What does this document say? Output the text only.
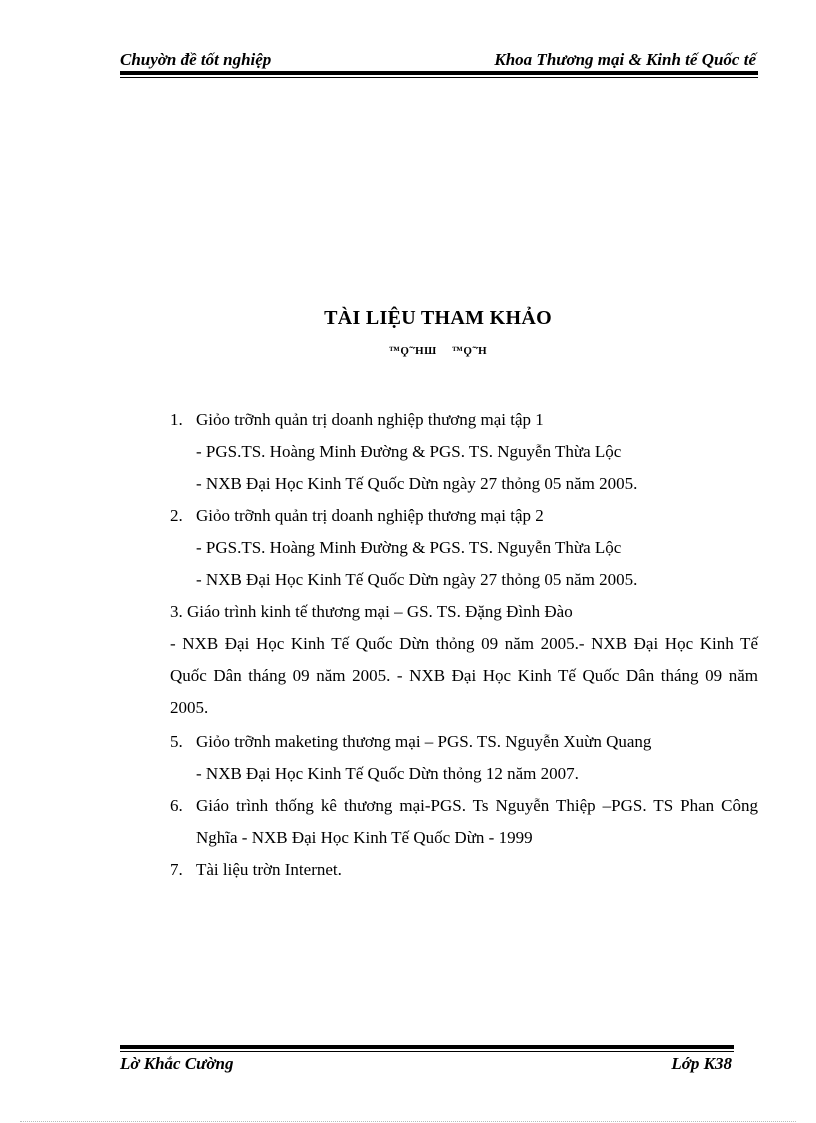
Chuyờn đề tốt nghiệp	Khoa Thương mại & Kinh tế Quốc tế
TÀI LIỆU THAM KHẢO
™Ϙ˜ΉШ ™Ϙ˜Ή
1. Giỏo trỡnh quản trị doanh nghiệp thương mại tập 1
- PGS.TS. Hoàng Minh Đường & PGS. TS. Nguyễn Thừa Lộc
- NXB Đại Học Kinh Tế Quốc Dừn ngày 27 thỏng 05 năm 2005.
2. Giỏo trỡnh quản trị doanh nghiệp thương mại tập 2
- PGS.TS. Hoàng Minh Đường & PGS. TS. Nguyễn Thừa Lộc
- NXB Đại Học Kinh Tế Quốc Dừn ngày 27 thỏng 05 năm 2005.
3. Giáo trình kinh tế thương mại – GS. TS. Đặng Đình Đào
- NXB Đại Học Kinh Tế Quốc Dừn thỏng 09 năm 2005.- NXB Đại Học Kinh Tế Quốc Dân tháng 09 năm 2005. - NXB Đại Học Kinh Tế Quốc Dân tháng 09 năm 2005.
5. Giỏo trỡnh maketing thương mại – PGS. TS. Nguyễn Xuừn Quang
- NXB Đại Học Kinh Tế Quốc Dừn thỏng 12 năm 2007.
6. Giáo trình thống kê thương mại-PGS. Ts Nguyễn Thiệp –PGS. TS Phan Công Nghĩa - NXB Đại Học Kinh Tế Quốc Dừn - 1999
7. Tài liệu trờn Internet.
Lờ Khắc Cường	Lớp K38
